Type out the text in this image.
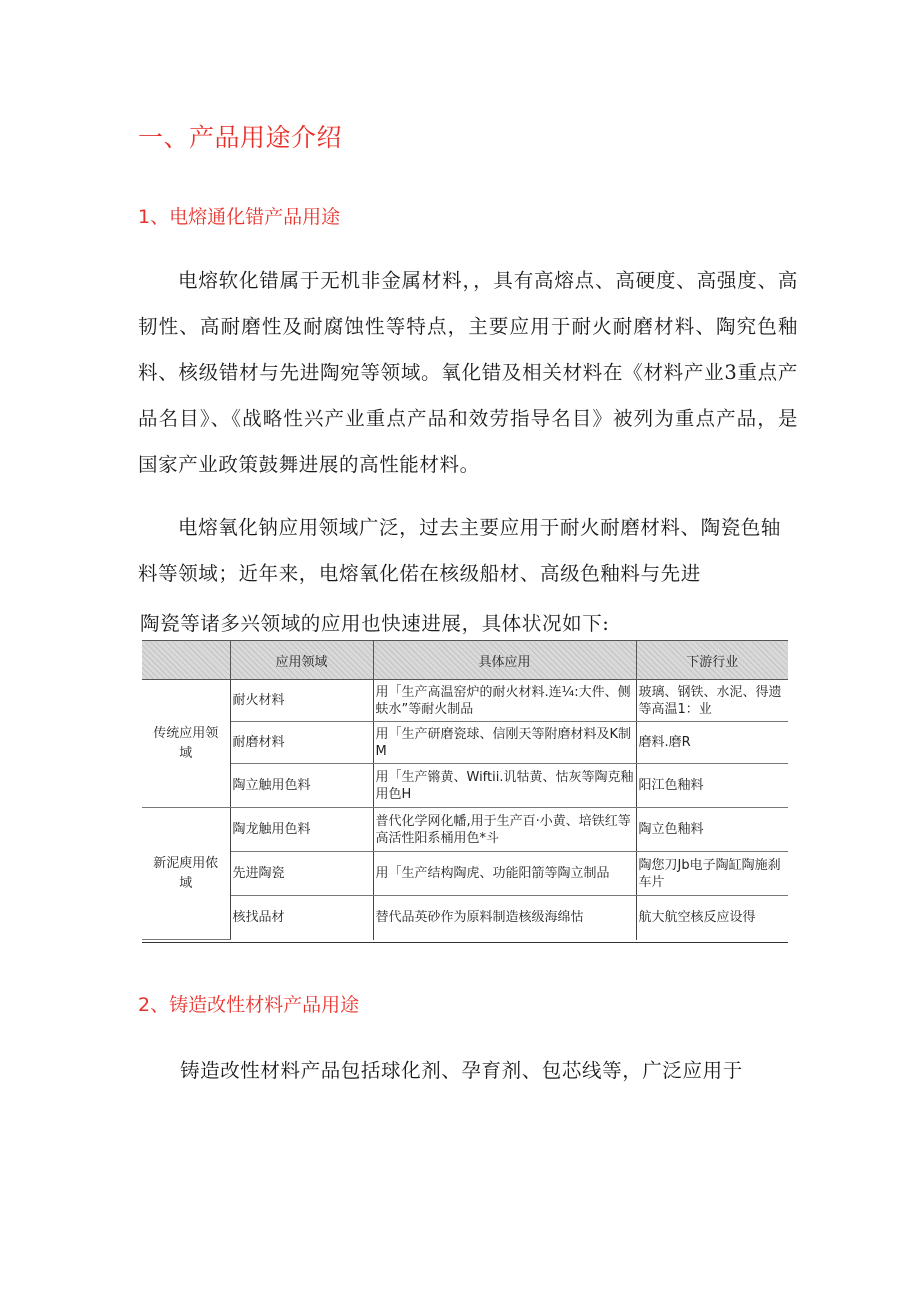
一、产品用途介绍
1、电熔通化错产品用途

电熔软化错属于无机非金属材料，，具有高熔点、高硬度、高强度、高韧性、高耐磨性及耐腐蚀性等特点，主要应用于耐火耐磨材料、陶究色釉料、核级错材与先进陶宛等领域。氧化错及相关材料在《材料产业3重点产品名目》、《战略性兴产业重点产品和效劳指导名目》被列为重点产品，是国家产业政策鼓舞进展的高性能材料。

电熔氧化钠应用领域广泛，过去主要应用于耐火耐磨材料、陶瓷色轴
料等领域；近年来，电熔氧化偌在核级船材、高级色釉料与先进
陶瓷等诸多兴领域的应用也快速进展，具体状况如下:
	应用领域	具体应用	下游行业
传统应用领域	耐火材料	用「生产高温窑炉的耐火材料.连¼:大件、侧蚨水”等耐火制品	玻璃、钢铁、水泥、得遗等高温1：业
	耐磨材料	用「生产研磨瓷球、信刚天等附磨材料及K制M	磨料.磨R
	陶立触用色料	用「生产锵黄、Wiftii.讥牯黄、怙灰等陶克釉用色H	阳江色釉料
新泥庾用侬域	陶龙触用色料	普代化学网化幡,用于生产百·小黄、培铁红等高活性阳系桶用色*斗	陶立色釉料
	先进陶瓷	用「生产结构陶虎、功能阳箭等陶立制品	陶您刀Jb电子陶缸陶施刹车片
	核找品材	替代品英砂作为原料制造核级海绵怙	航大航空核反应设得
2、铸造改性材料产品用途
铸造改性材料产品包括球化剂、孕育剂、包芯线等，广泛应用于
